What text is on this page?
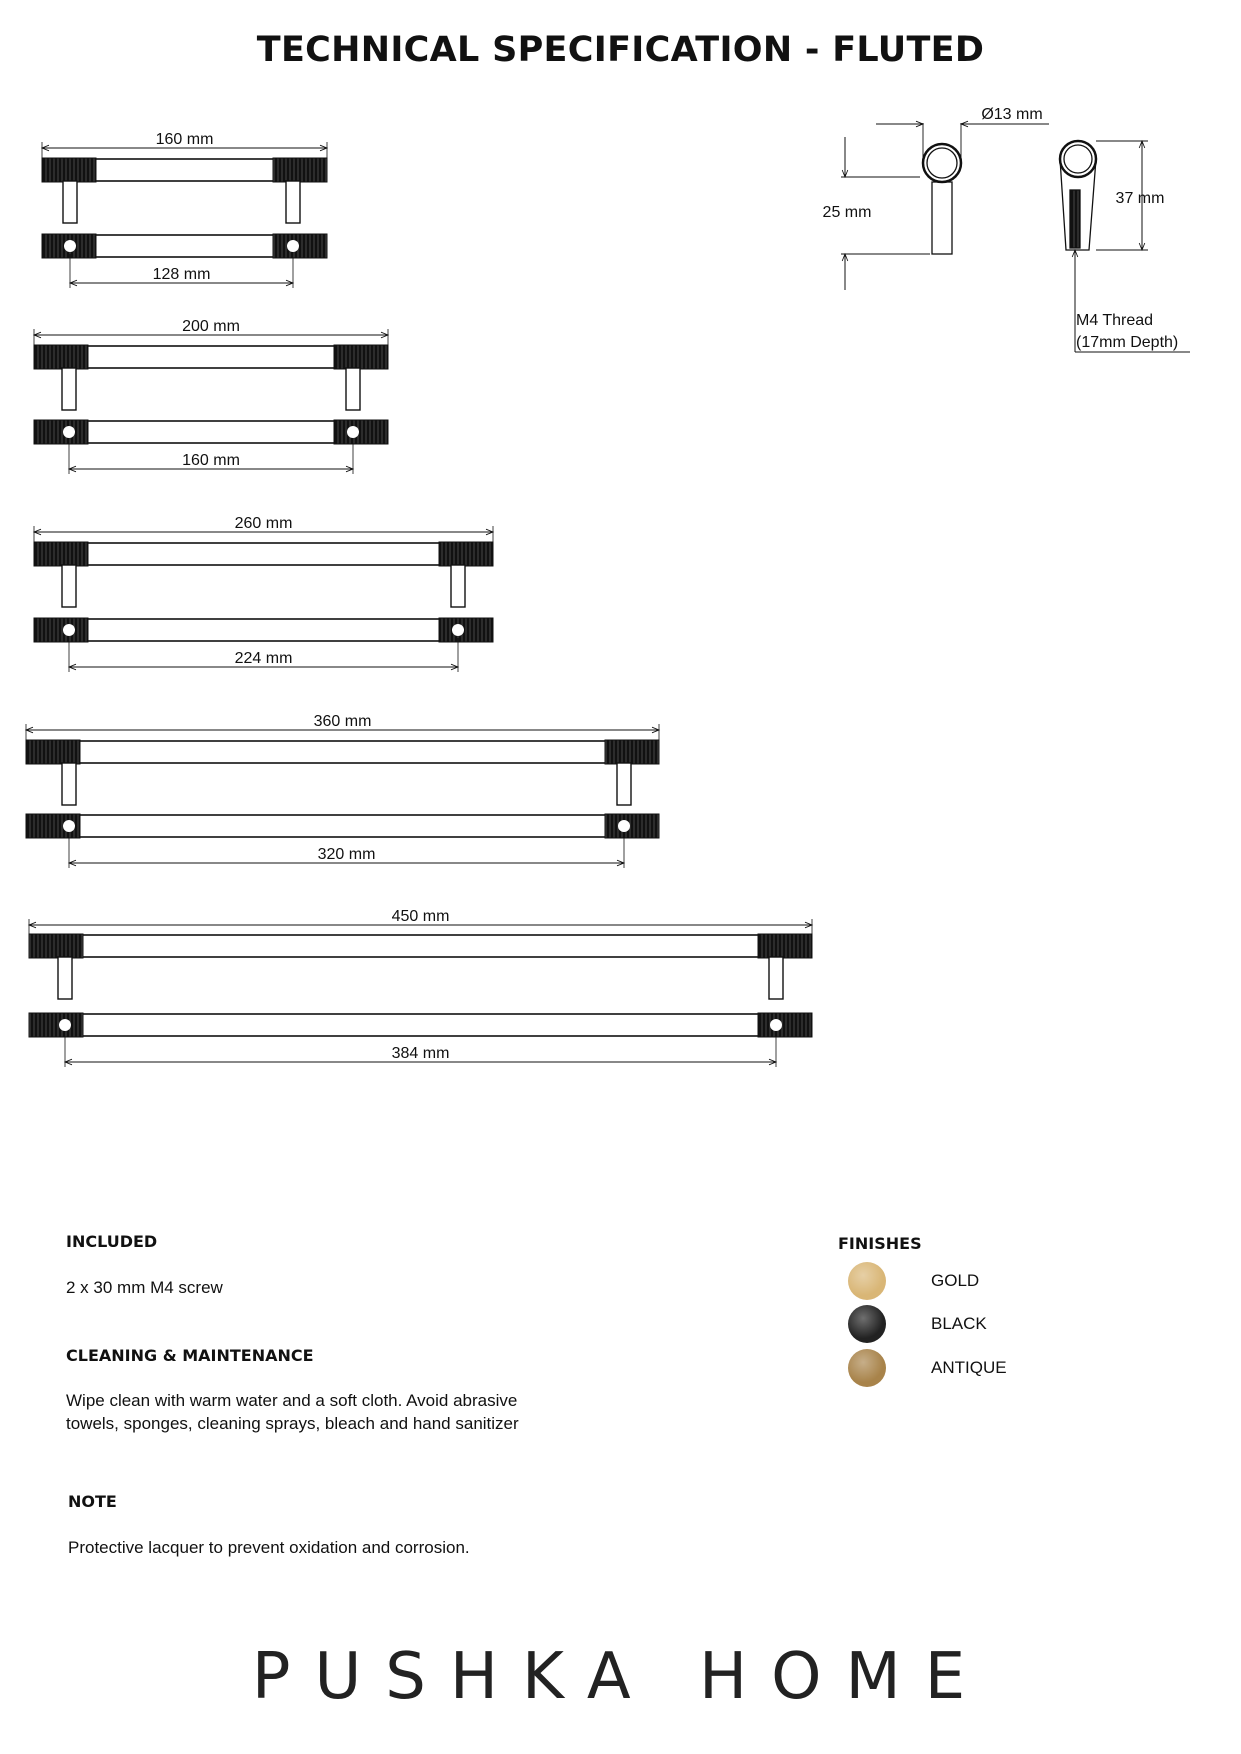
TECHNICAL SPECIFICATION - FLUTED
160 mm
128 mm
200 mm
160 mm
260 mm
224 mm
360 mm
320 mm
450 mm
384 mm
Ø13 mm
25 mm
37 mm
M4 Thread
(17mm Depth)
INCLUDED
2 x 30 mm M4 screw
CLEANING & MAINTENANCE
Wipe clean with warm water and a soft cloth. Avoid abrasive
towels, sponges, cleaning sprays, bleach and hand sanitizer
NOTE
Protective lacquer to prevent oxidation and corrosion.
FINISHES
GOLD
BLACK
ANTIQUE
PUSHKA HOME
